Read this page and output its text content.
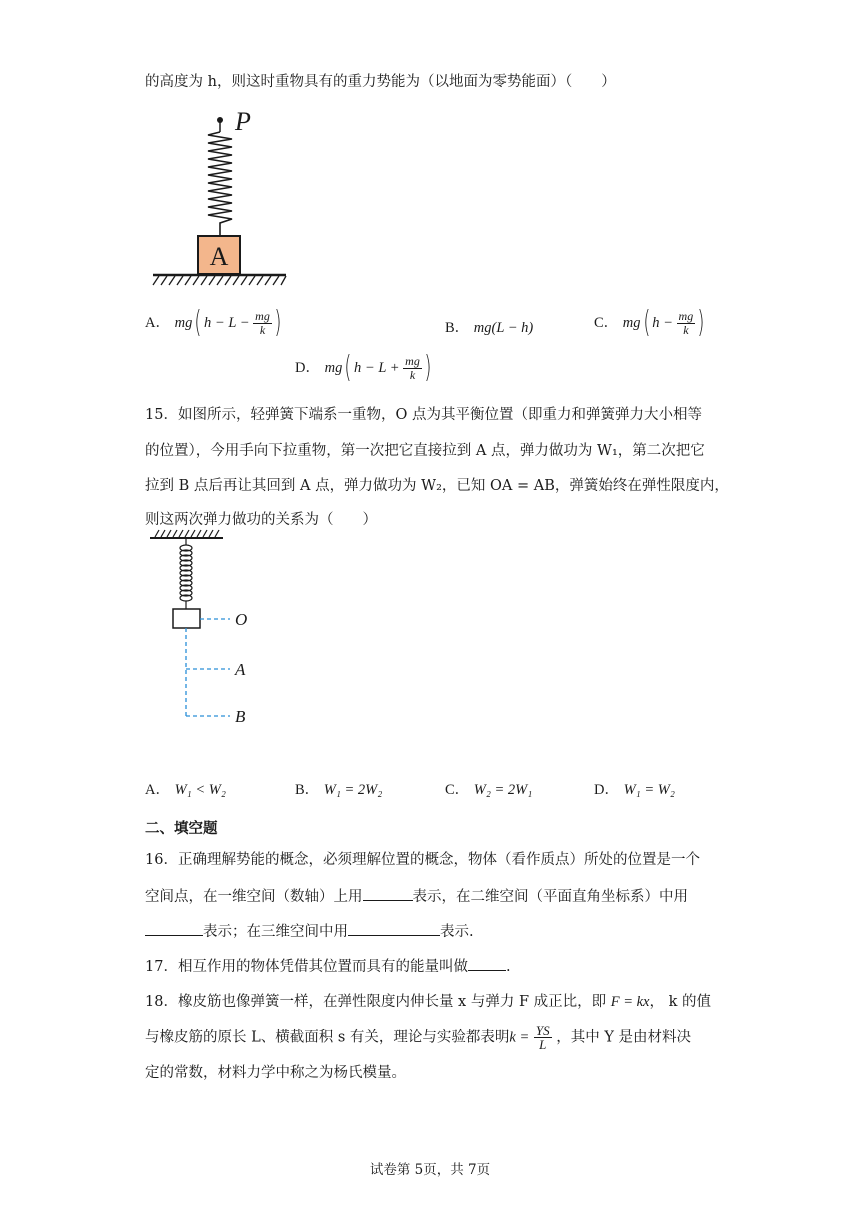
的高度为 h，则这时重物具有的重力势能为（以地面为零势能面）（　　）
P
A
A． mg( $h - L - \frac{mg}{k}$ )	B． mg(L − h)	C． mg( $h - \frac{mg}{k}$ )
D． mg( $h - L + \frac{mg}{k}$ )
15．如图所示，轻弹簧下端系一重物，O 点为其平衡位置（即重力和弹簧弹力大小相等
的位置），今用手向下拉重物，第一次把它直接拉到 A 点，弹力做功为 W₁，第二次把它
拉到 B 点后再让其回到 A 点，弹力做功为 W₂，已知 OA = AB，弹簧始终在弹性限度内，
则这两次弹力做功的关系为（　　）
O
A
B
A． W₁ < W₂	B． W₁ = 2W₂	C． W₂ = 2W₁	D． W₁ = W₂
二、填空题
16．正确理解势能的概念，必须理解位置的概念，物体（看作质点）所处的位置是一个
空间点，在一维空间（数轴）上用	表示，在二维空间（平面直角坐标系）中用
表示；在三维空间中用	表示.
17．相互作用的物体凭借其位置而具有的能量叫做	.
18．橡皮筋也像弹簧一样，在弹性限度内伸长量 x 与弹力 F 成正比，即 F = kx， k 的值
与橡皮筋的原长 L、横截面积 s 有关，理论与实验都表明$k = \frac{YS}{L}$ ，其中 Y 是由材料决
定的常数，材料力学中称之为杨氏模量。
试卷第 5页，共 7页
